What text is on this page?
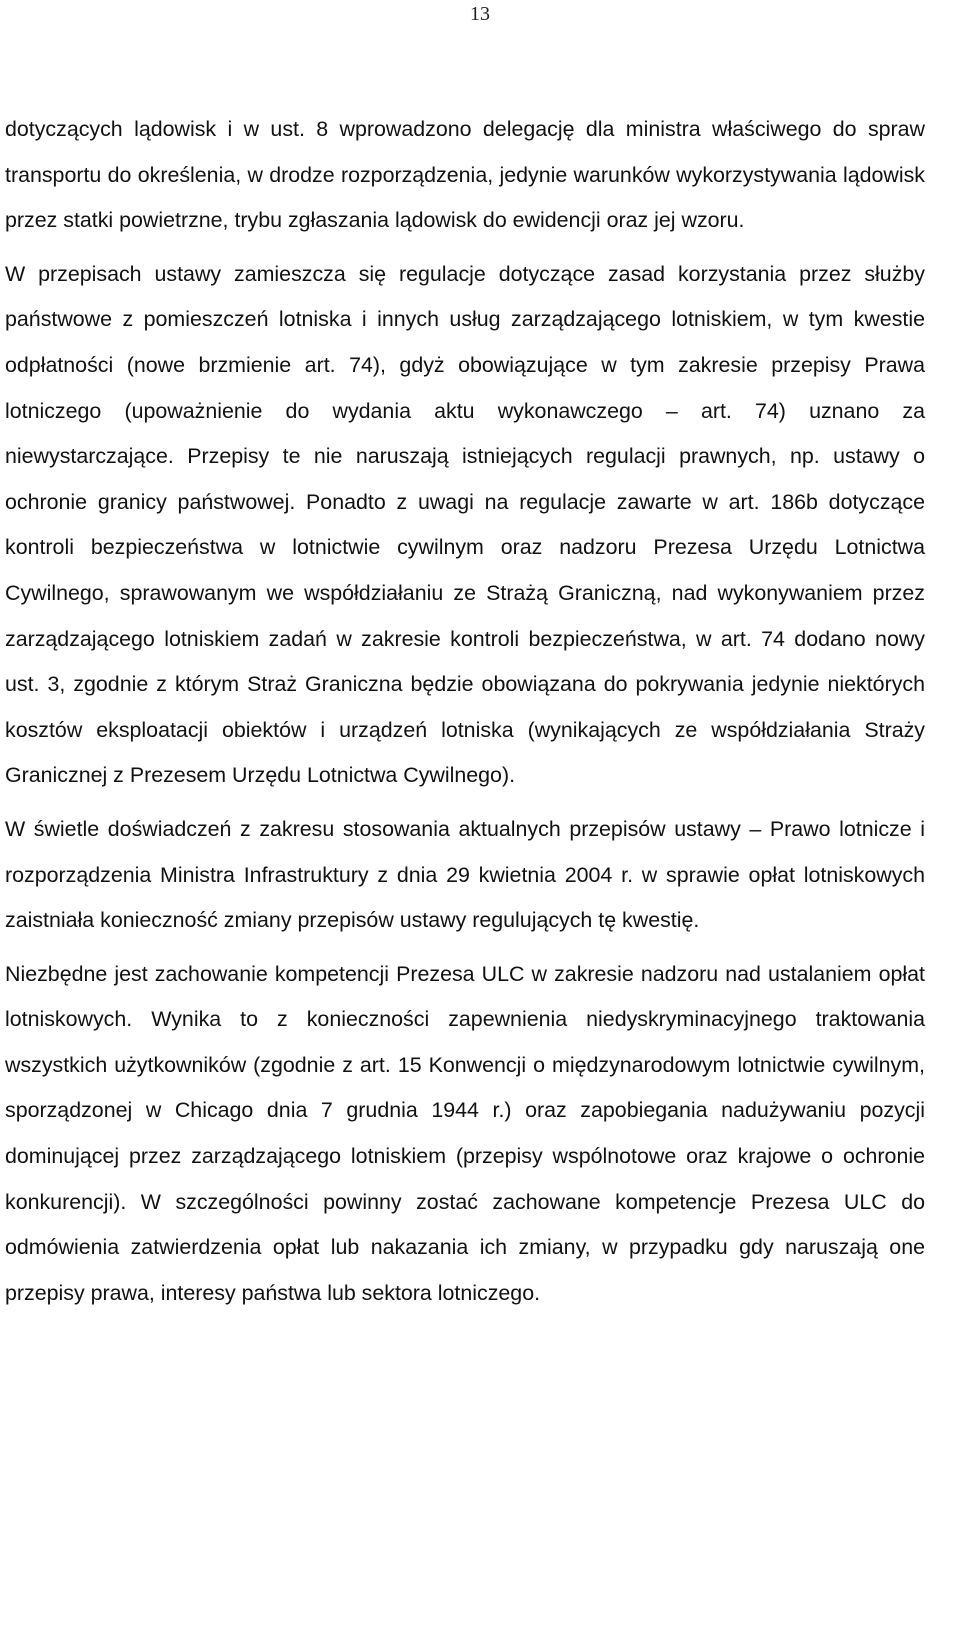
13

dotyczących lądowisk i w ust. 8 wprowadzono delegację dla ministra właściwego do spraw transportu do określenia, w drodze rozporządzenia, jedynie warunków wykorzystywania lądowisk przez statki powietrzne, trybu zgłaszania lądowisk do ewidencji oraz jej wzoru.

W przepisach ustawy zamieszcza się regulacje dotyczące zasad korzystania przez służby państwowe z pomieszczeń lotniska i innych usług zarządzającego lotniskiem, w tym kwestie odpłatności (nowe brzmienie art. 74), gdyż obowiązujące w tym zakresie przepisy Prawa lotniczego (upoważnienie do wydania aktu wykonawczego – art. 74) uznano za niewystarczające. Przepisy te nie naruszają istniejących regulacji prawnych, np. ustawy o ochronie granicy państwowej. Ponadto z uwagi na regulacje zawarte w art. 186b dotyczące kontroli bezpieczeństwa w lotnictwie cywilnym oraz nadzoru Prezesa Urzędu Lotnictwa Cywilnego, sprawowanym we współdziałaniu ze Strażą Graniczną, nad wykonywaniem przez zarządzającego lotniskiem zadań w zakresie kontroli bezpieczeństwa, w art. 74 dodano nowy ust. 3, zgodnie z którym Straż Graniczna będzie obowiązana do pokrywania jedynie niektórych kosztów eksploatacji obiektów i urządzeń lotniska (wynikających ze współdziałania Straży Granicznej z Prezesem Urzędu Lotnictwa Cywilnego).

W świetle doświadczeń z zakresu stosowania aktualnych przepisów ustawy – Prawo lotnicze i rozporządzenia Ministra Infrastruktury z dnia 29 kwietnia 2004 r. w sprawie opłat lotniskowych zaistniała konieczność zmiany przepisów ustawy regulujących tę kwestię.

Niezbędne jest zachowanie kompetencji Prezesa ULC w zakresie nadzoru nad ustalaniem opłat lotniskowych. Wynika to z konieczności zapewnienia niedyskryminacyjnego traktowania wszystkich użytkowników (zgodnie z art. 15 Konwencji o międzynarodowym lotnictwie cywilnym, sporządzonej w Chicago dnia 7 grudnia 1944 r.) oraz zapobiegania nadużywaniu pozycji dominującej przez zarządzającego lotniskiem (przepisy wspólnotowe oraz krajowe o ochronie konkurencji). W szczególności powinny zostać zachowane kompetencje Prezesa ULC do odmówienia zatwierdzenia opłat lub nakazania ich zmiany, w przypadku gdy naruszają one przepisy prawa, interesy państwa lub sektora lotniczego.
